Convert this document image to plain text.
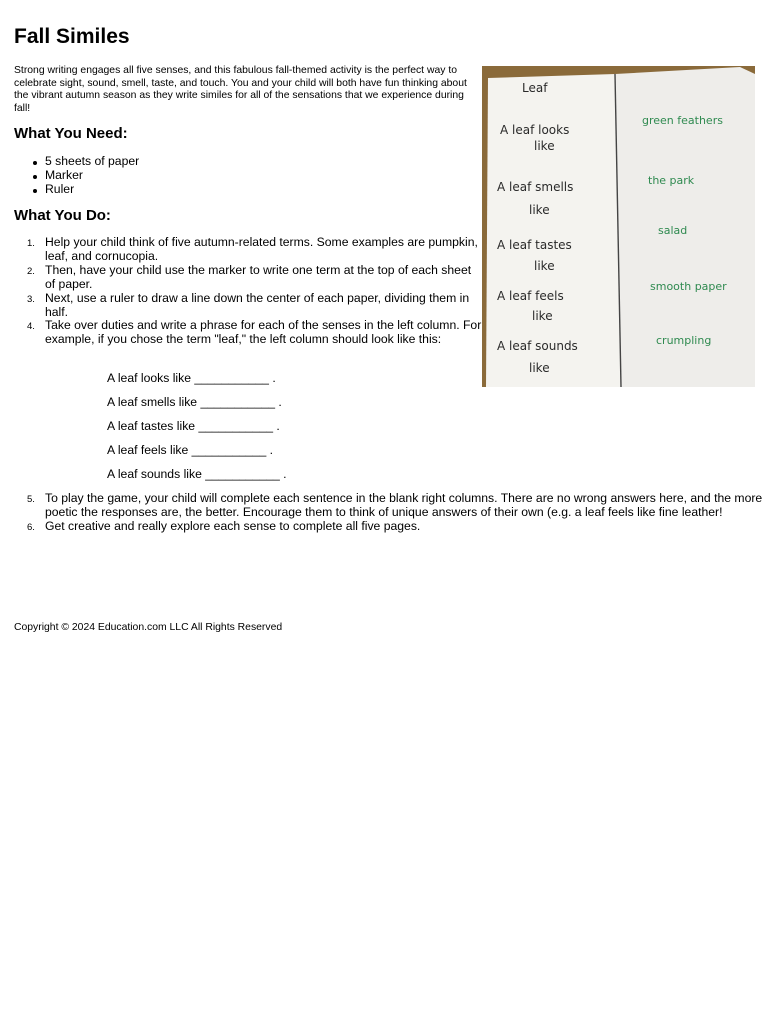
Fall Similes

Strong writing engages all five senses, and this fabulous fall-themed activity is the perfect way to celebrate sight, sound, smell, taste, and touch. You and your child will both have fun thinking about the vibrant autumn season as they write similes for all of the sensations that we experience during fall!

What You Need:
5 sheets of paper
Marker
Ruler
What You Do:
1. Help your child think of five autumn-related terms. Some examples are pumpkin, leaf, and cornucopia.
2. Then, have your child use the marker to write one term at the top of each sheet of paper.
3. Next, use a ruler to draw a line down the center of each paper, dividing them in half.
4. Take over duties and write a phrase for each of the senses in the left column. For example, if you chose the term "leaf," the left column should look like this:
A leaf looks like ___________ .
A leaf smells like ___________ .
A leaf tastes like ___________ .
A leaf feels like ___________ .
A leaf sounds like ___________ .
5. To play the game, your child will complete each sentence in the blank right columns. There are no wrong answers here, and the more poetic the responses are, the better. Encourage them to think of unique answers of their own (e.g. a leaf feels like fine leather!
6. Get creative and really explore each sense to complete all five pages.
Leaf
A leaf looks
like
A leaf smells
like
A leaf tastes
like
A leaf feels
like
A leaf sounds
like
green feathers
the park
salad
smooth paper
crumpling

Copyright © 2024 Education.com LLC All Rights Reserved
